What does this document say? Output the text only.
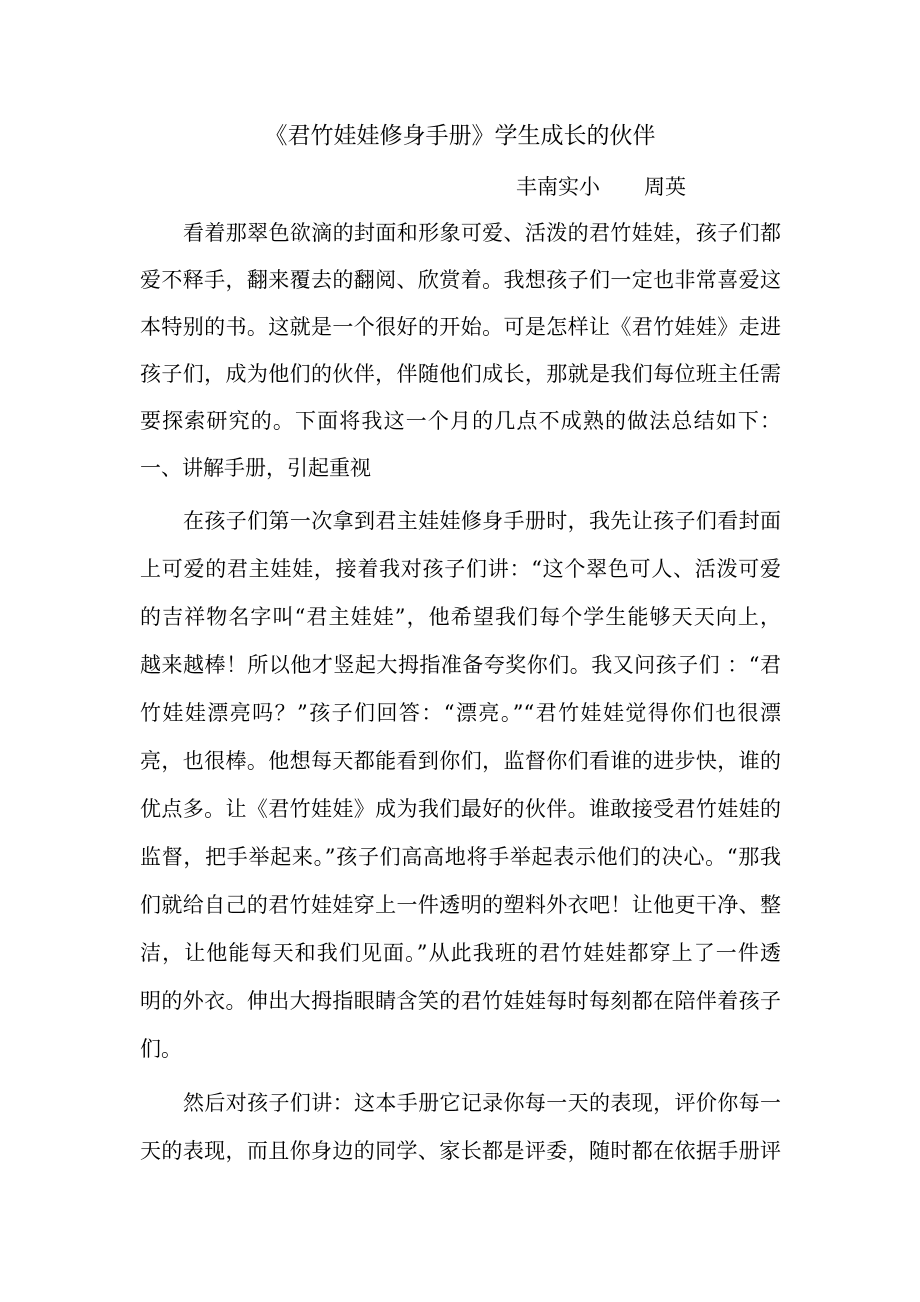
《君竹娃娃修身手册》学生成长的伙伴
丰南实小 周英
看着那翠色欲滴的封面和形象可爱、活泼的君竹娃娃，孩子们都
爱不释手，翻来覆去的翻阅、欣赏着。我想孩子们一定也非常喜爱这
本特别的书。这就是一个很好的开始。可是怎样让《君竹娃娃》走进
孩子们，成为他们的伙伴，伴随他们成长，那就是我们每位班主任需
要探索研究的。下面将我这一个月的几点不成熟的做法总结如下：
一、讲解手册，引起重视
在孩子们第一次拿到君主娃娃修身手册时，我先让孩子们看封面
上可爱的君主娃娃，接着我对孩子们讲：“这个翠色可人、活泼可爱
的吉祥物名字叫“君主娃娃”，他希望我们每个学生能够天天向上，
越来越棒！所以他才竖起大拇指准备夸奖你们。我又问孩子们 ：“君
竹娃娃漂亮吗？”孩子们回答：“漂亮。”“君竹娃娃觉得你们也很漂
亮，也很棒。他想每天都能看到你们，监督你们看谁的进步快，谁的
优点多。让《君竹娃娃》成为我们最好的伙伴。谁敢接受君竹娃娃的
监督，把手举起来。”孩子们高高地将手举起表示他们的决心。“那我
们就给自己的君竹娃娃穿上一件透明的塑料外衣吧！让他更干净、整
洁，让他能每天和我们见面。”从此我班的君竹娃娃都穿上了一件透
明的外衣。伸出大拇指眼睛含笑的君竹娃娃每时每刻都在陪伴着孩子
们。
然后对孩子们讲：这本手册它记录你每一天的表现，评价你每一
天的表现，而且你身边的同学、家长都是评委，随时都在依据手册评
